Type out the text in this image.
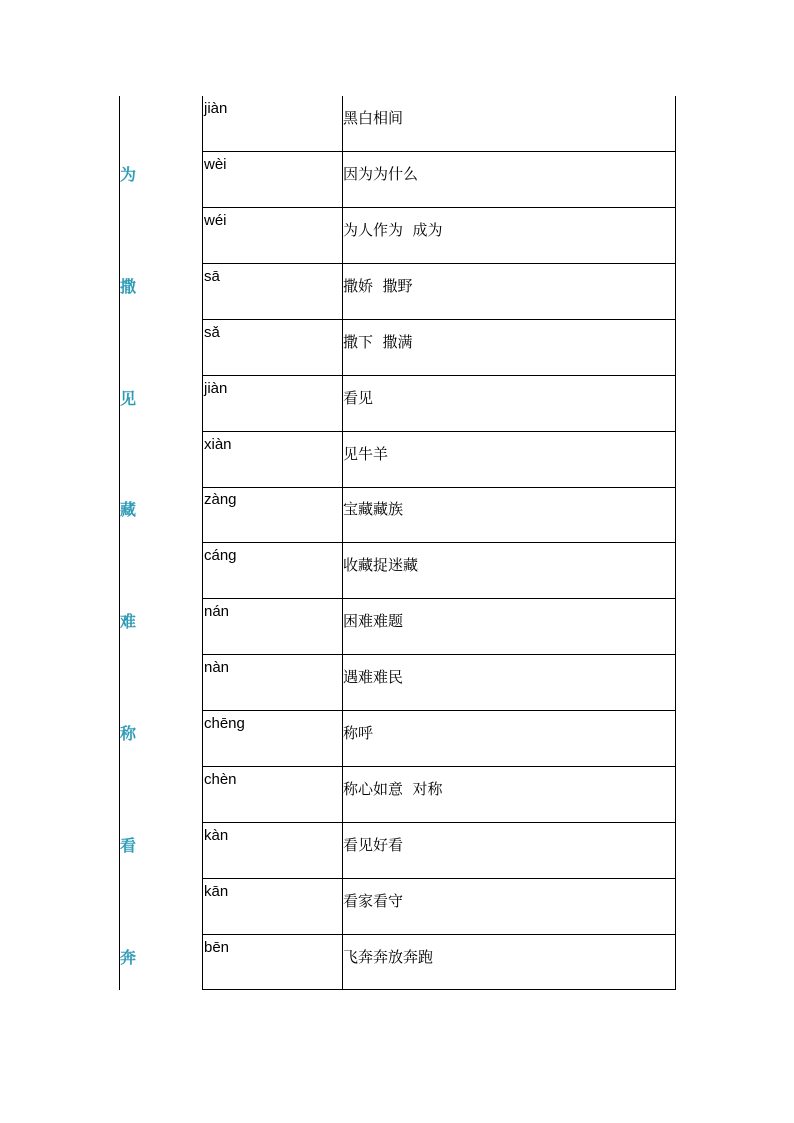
为
撒
见
藏
难
称
看
奔
jiàn
wèi
wéi
sā
sǎ
jiàn
xiàn
zàng
cáng
nán
nàn
chēng
chèn
kàn
kān
bēn
黑白相间
因为为什么
为人作为  成为
撒娇  撒野
撒下  撒满
看见
见牛羊
宝藏藏族
收藏捉迷藏
困难难题
遇难难民
称呼
称心如意  对称
看见好看
看家看守
飞奔奔放奔跑
